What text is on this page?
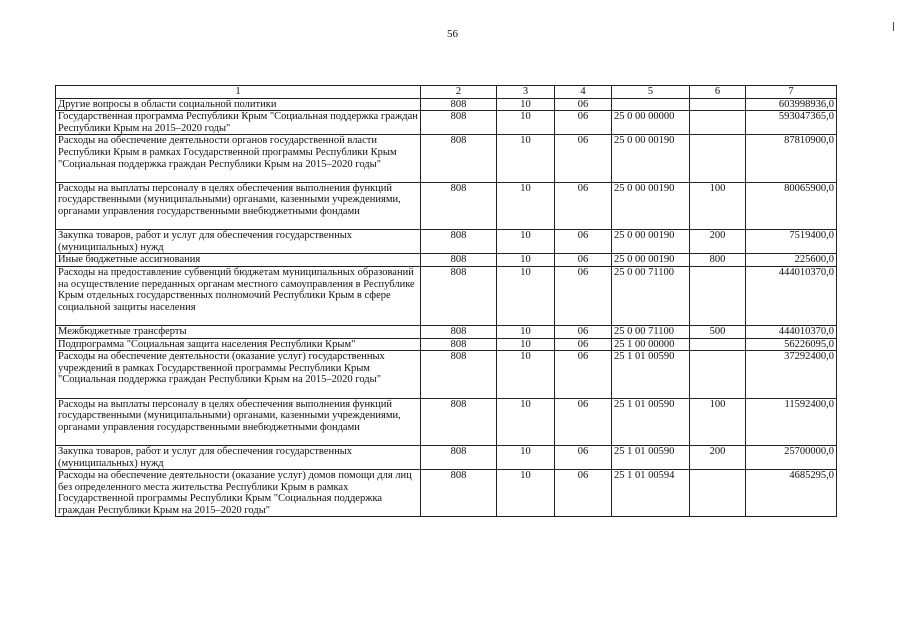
56
1	2	3	4	5	6	7
Другие вопросы в области социальной политики	808	10	06			603998936,0
Государственная программа Республики Крым "Социальная поддержка граждан Республики Крым на 2015–2020 годы"	808	10	06	25 0 00 00000		593047365,0
Расходы на обеспечение деятельности органов государственной власти Республики Крым в рамках Государственной программы Республики Крым "Социальная поддержка граждан Республики Крым на 2015–2020 годы"	808	10	06	25 0 00 00190		87810900,0
Расходы на выплаты персоналу в целях обеспечения выполнения функций государственными (муниципальными) органами, казенными учреждениями, органами управления государственными внебюджетными фондами	808	10	06	25 0 00 00190	100	80065900,0
Закупка товаров, работ и услуг для обеспечения государственных (муниципальных) нужд	808	10	06	25 0 00 00190	200	7519400,0
Иные бюджетные ассигнования	808	10	06	25 0 00 00190	800	225600,0
Расходы на предоставление субвенций бюджетам муниципальных образований на осуществление переданных органам местного самоуправления в Республике Крым отдельных государственных полномочий Республики Крым в сфере социальной защиты населения	808	10	06	25 0 00 71100		444010370,0
Межбюджетные трансферты	808	10	06	25 0 00 71100	500	444010370,0
Подпрограмма "Социальная защита населения Республики Крым"	808	10	06	25 1 00 00000		56226095,0
Расходы на обеспечение деятельности (оказание услуг) государственных учреждений в рамках Государственной программы Республики Крым "Социальная поддержка граждан Республики Крым на 2015–2020 годы"	808	10	06	25 1 01 00590		37292400,0
Расходы на выплаты персоналу в целях обеспечения выполнения функций государственными (муниципальными) органами, казенными учреждениями, органами управления государственными внебюджетными фондами	808	10	06	25 1 01 00590	100	11592400,0
Закупка товаров, работ и услуг для обеспечения государственных (муниципальных) нужд	808	10	06	25 1 01 00590	200	25700000,0
Расходы на обеспечение деятельности (оказание услуг) домов помощи для лиц без определенного места жительства Республики Крым в рамках Государственной программы Республики Крым "Социальная поддержка граждан Республики Крым на 2015–2020 годы"	808	10	06	25 1 01 00594		4685295,0
